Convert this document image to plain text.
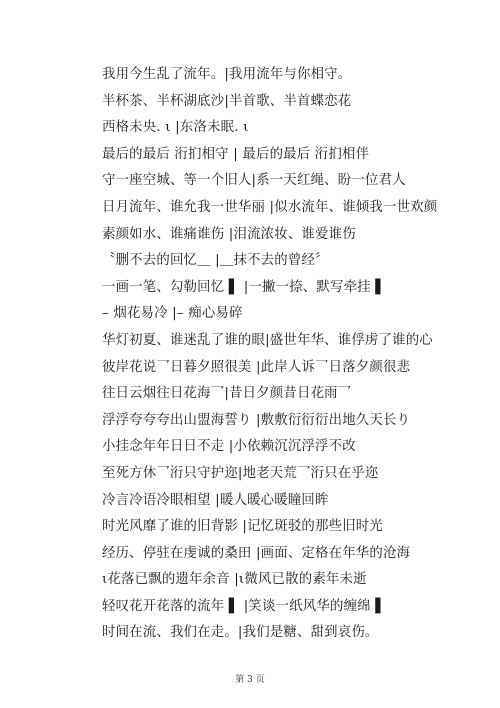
我用今生乱了流年。|我用流年与你相守。
半杯茶、半杯湖底沙|半首歌、半首蝶恋花
西格未央. ι |东洛未眠. ι
最后的最后 洐扪相守 | 最后的最后 洐扪相伴
守一座空城、等一个旧人|系一天红绳、盼一位君人
日月流年、谁允我一世华丽 |似水流年、谁倾我一世欢颜
素颜如水、谁痛谁伤 |泪流浓妆、谁爱谁伤
〝删不去的回忆＿ |＿抹不去的曾经〞
一画一笔、勾勒回忆 ▌ |一撇一捺、默写牵挂 ▌
– 烟花易冷 |– 痴心易碎
华灯初夏、谁迷乱了谁的眼|盛世年华、谁俘虏了谁的心
彼岸花说乛日暮夕照很美 |此岸人诉乛日落夕颜很悲
往日云烟往日花海乛|昔日夕颜昔日花雨乛
浮浮夸夸夸出山盟海誓り |敷敷衍衍衍出地久天长り
小挂念年年日日不走 |小依赖沉沉浮浮不改
至死方休乛洐只守护迩|地老天荒乛洐只在乎迩
冷言冷语冷眼相望 |暖人暖心暖瞳回眸
时光风靡了谁的旧背影 |记忆斑驳的那些旧时光
经历、停驻在虔诚的桑田 |画面、定格在年华的沧海
ι花落已飘的遗年余音 |ι微风已散的素年未逝
轻叹花开花落的流年 ▌ |笑谈一纸风华的缠绵 ▌
时间在流、我们在走。|我们是糖、甜到哀伤。
第 3 页
